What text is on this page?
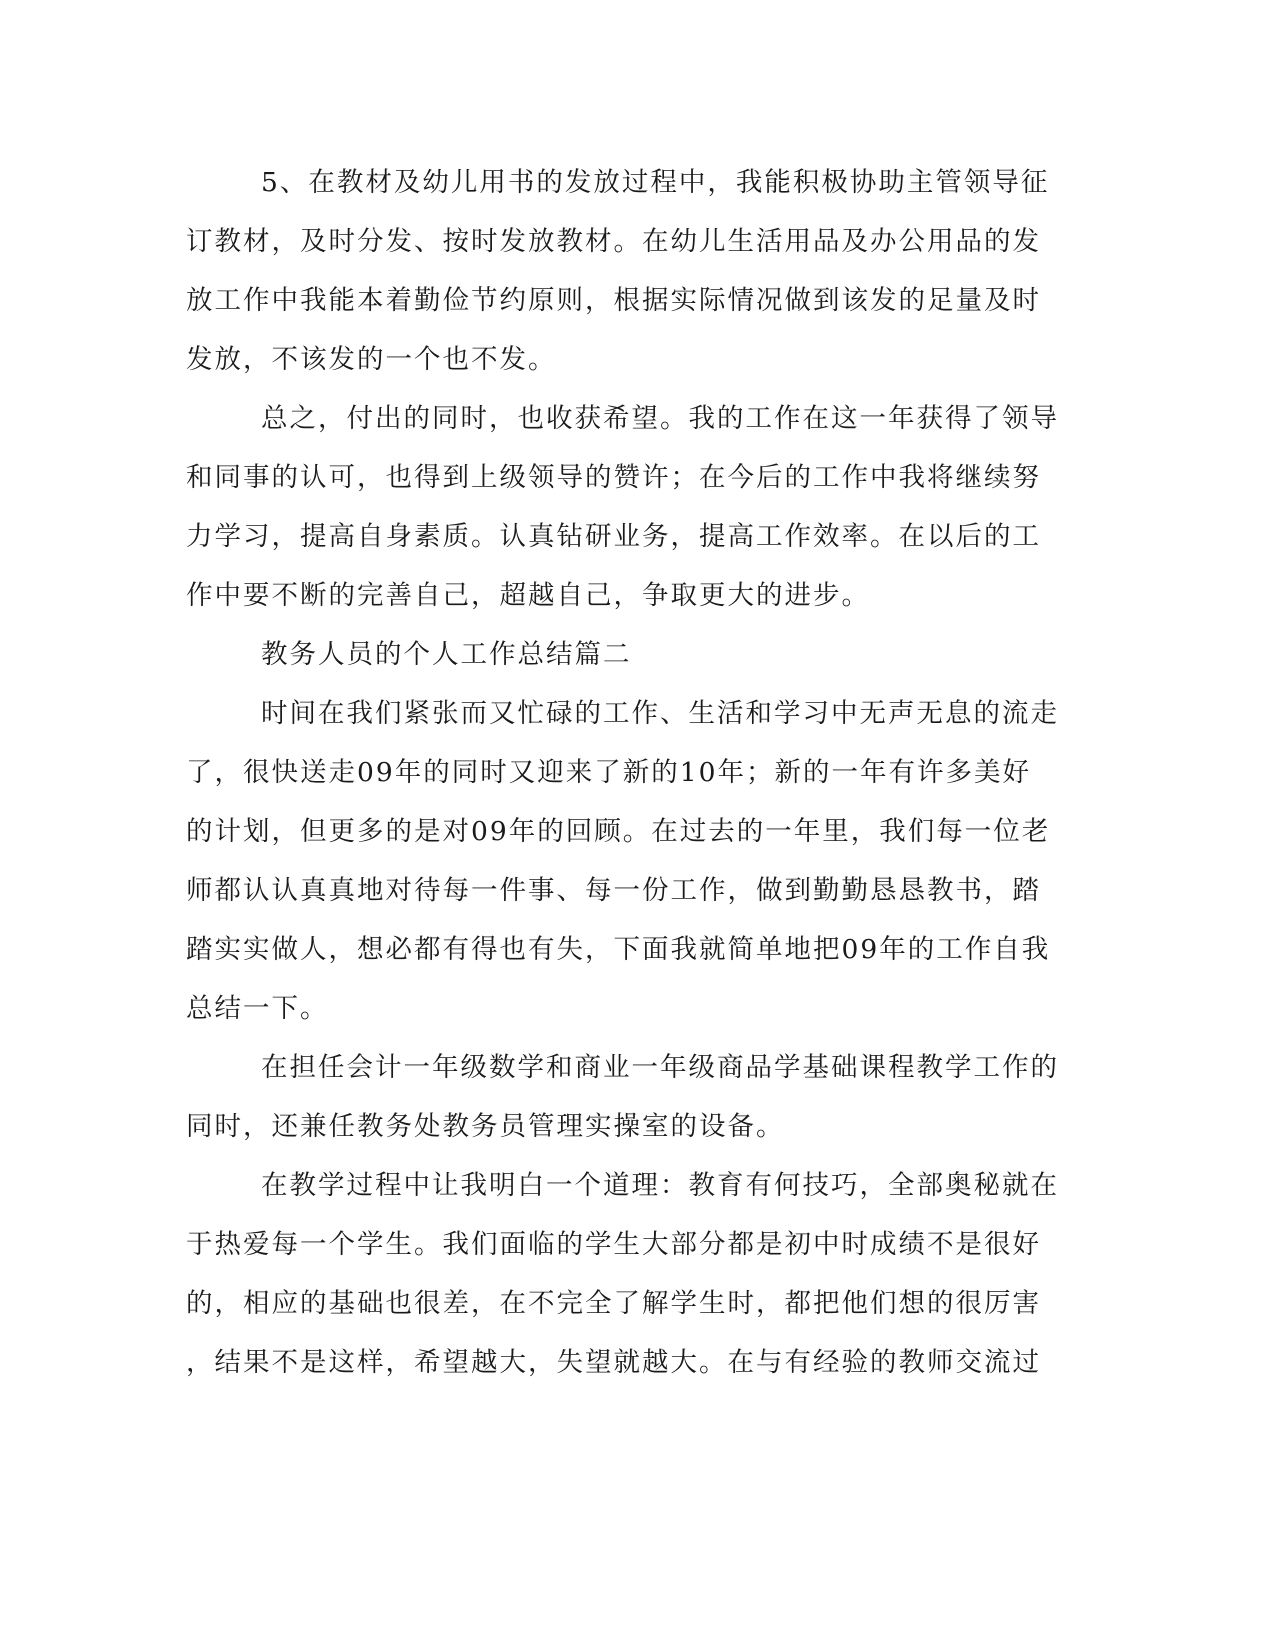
5、在教材及幼儿用书的发放过程中，我能积极协助主管领导征

订教材，及时分发、按时发放教材。在幼儿生活用品及办公用品的发

放工作中我能本着勤俭节约原则，根据实际情况做到该发的足量及时

发放，不该发的一个也不发。

总之，付出的同时，也收获希望。我的工作在这一年获得了领导

和同事的认可，也得到上级领导的赞许；在今后的工作中我将继续努

力学习，提高自身素质。认真钻研业务，提高工作效率。在以后的工

作中要不断的完善自己，超越自己，争取更大的进步。

教务人员的个人工作总结篇二

时间在我们紧张而又忙碌的工作、生活和学习中无声无息的流走

了，很快送走09年的同时又迎来了新的10年；新的一年有许多美好

的计划，但更多的是对09年的回顾。在过去的一年里，我们每一位老

师都认认真真地对待每一件事、每一份工作，做到勤勤恳恳教书，踏

踏实实做人，想必都有得也有失，下面我就简单地把09年的工作自我

总结一下。

在担任会计一年级数学和商业一年级商品学基础课程教学工作的

同时，还兼任教务处教务员管理实操室的设备。

在教学过程中让我明白一个道理：教育有何技巧，全部奥秘就在

于热爱每一个学生。我们面临的学生大部分都是初中时成绩不是很好

的，相应的基础也很差，在不完全了解学生时，都把他们想的很厉害

，结果不是这样，希望越大，失望就越大。在与有经验的教师交流过
